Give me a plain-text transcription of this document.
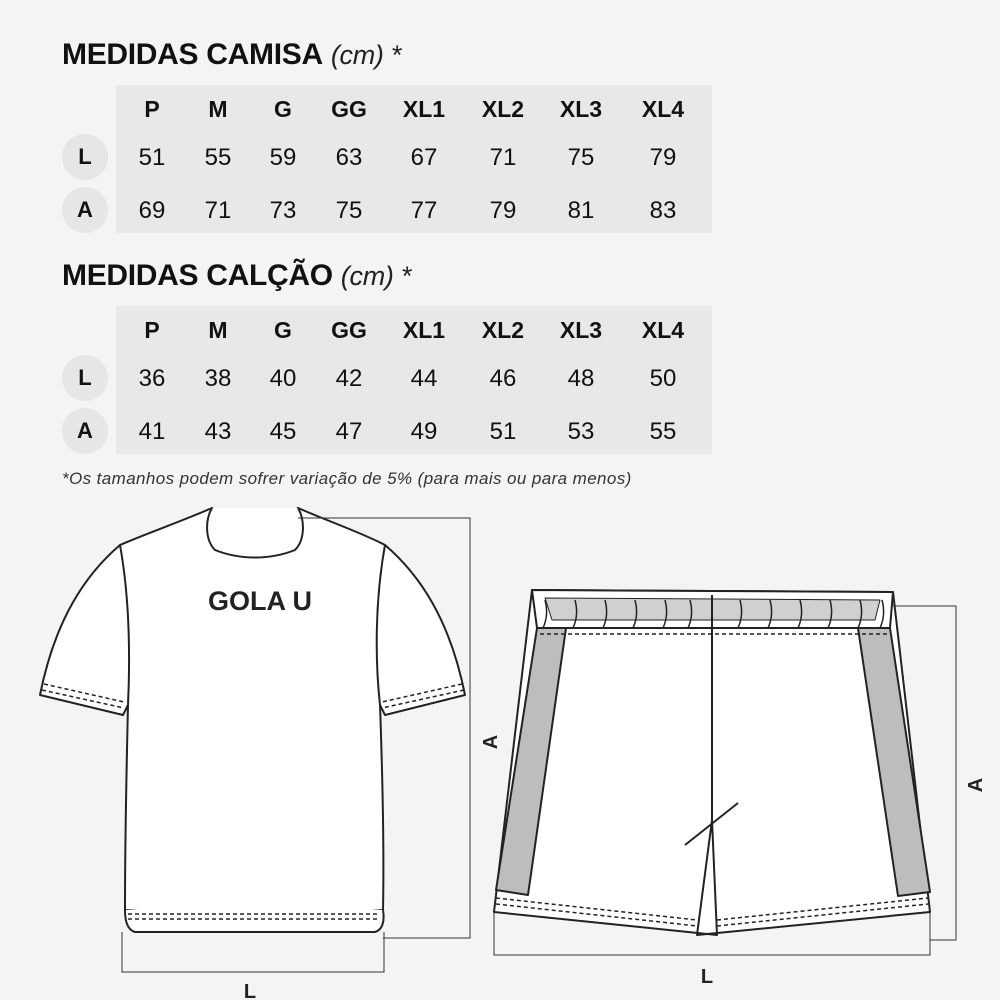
MEDIDAS CAMISA (cm) *
P	M	G	GG	XL1	XL2	XL3	XL4
L	51	55	59	63	67	71	75	79
A	69	71	73	75	77	79	81	83
MEDIDAS CALÇÃO (cm) *
P	M	G	GG	XL1	XL2	XL3	XL4
L	36	38	40	42	44	46	48	50
A	41	43	45	47	49	51	53	55
*Os tamanhos podem sofrer variação de 5% (para mais ou para menos)
GOLA U
A
L
A
L
